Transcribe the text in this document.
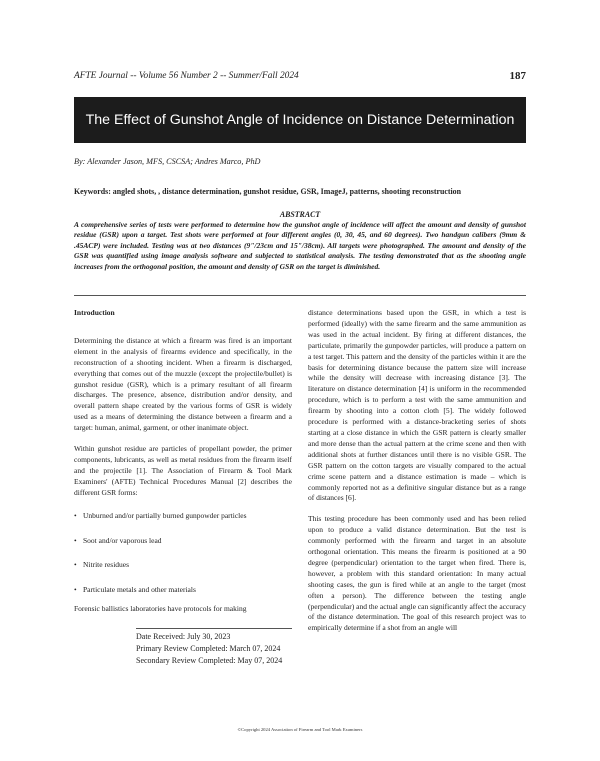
AFTE Journal -- Volume 56 Number 2 -- Summer/Fall 2024	187
The Effect of Gunshot Angle of Incidence on Distance Determination
By: Alexander Jason, MFS, CSCSA; Andres Marco, PhD
Keywords: angled shots, , distance determination, gunshot residue, GSR, ImageJ, patterns, shooting reconstruction
ABSTRACT
A comprehensive series of tests were performed to determine how the gunshot angle of incidence will affect the amount and density of gunshot residue (GSR) upon a target. Test shots were performed at four different angles (0, 30, 45, and 60 degrees). Two handgun calibers (9mm & .45ACP) were included. Testing was at two distances (9"/23cm and 15"/38cm). All targets were photographed. The amount and density of the GSR was quantified using image analysis software and subjected to statistical analysis. The testing demonstrated that as the shooting angle increases from the orthogonal position, the amount and density of GSR on the target is diminished.
Introduction

Determining the distance at which a firearm was fired is an important element in the analysis of firearms evidence and specifically, in the reconstruction of a shooting incident. When a firearm is discharged, everything that comes out of the muzzle (except the projectile/bullet) is gunshot residue (GSR), which is a primary resultant of all firearm discharges. The presence, absence, distribution and/or density, and overall pattern shape created by the various forms of GSR is widely used as a means of determining the distance between a firearm and a target: human, animal, garment, or other inanimate object.

Within gunshot residue are particles of propellant powder, the primer components, lubricants, as well as metal residues from the firearm itself and the projectile [1]. The Association of Firearm & Tool Mark Examiners' (AFTE) Technical Procedures Manual [2] describes the different GSR forms:

• Unburned and/or partially burned gunpowder particles
• Soot and/or vaporous lead
• Nitrite residues
• Particulate metals and other materials

Forensic ballistics laboratories have protocols for making

distance determinations based upon the GSR, in which a test is performed (ideally) with the same firearm and the same ammunition as was used in the actual incident. By firing at different distances, the particulate, primarily the gunpowder particles, will produce a pattern on a test target. This pattern and the density of the particles within it are the basis for determining distance because the pattern size will increase while the density will decrease with increasing distance [3]. The literature on distance determination [4] is uniform in the recommended procedure, which is to perform a test with the same ammunition and firearm by shooting into a cotton cloth [5]. The widely followed procedure is performed with a distance-bracketing series of shots starting at a close distance in which the GSR pattern is clearly smaller and more dense than the actual pattern at the crime scene and then with additional shots at further distances until there is no visible GSR. The GSR pattern on the cotton targets are visually compared to the actual crime scene pattern and a distance estimation is made – which is commonly reported not as a definitive singular distance but as a range of distances [6].

This testing procedure has been commonly used and has been relied upon to produce a valid distance determination. But the test is commonly performed with the firearm and target in an absolute orthogonal orientation. This means the firearm is positioned at a 90 degree (perpendicular) orientation to the target when fired. There is, however, a problem with this standard orientation: In many actual shooting cases, the gun is fired while at an angle to the target (most often a person). The difference between the testing angle (perpendicular) and the actual angle can significantly affect the accuracy of the distance determination. The goal of this research project was to empirically determine if a shot from an angle will

Date Received: July 30, 2023
Primary Review Completed: March 07, 2024
Secondary Review Completed: May 07, 2024
©Copyright 2024 Association of Firearm and Tool Mark Examiners
